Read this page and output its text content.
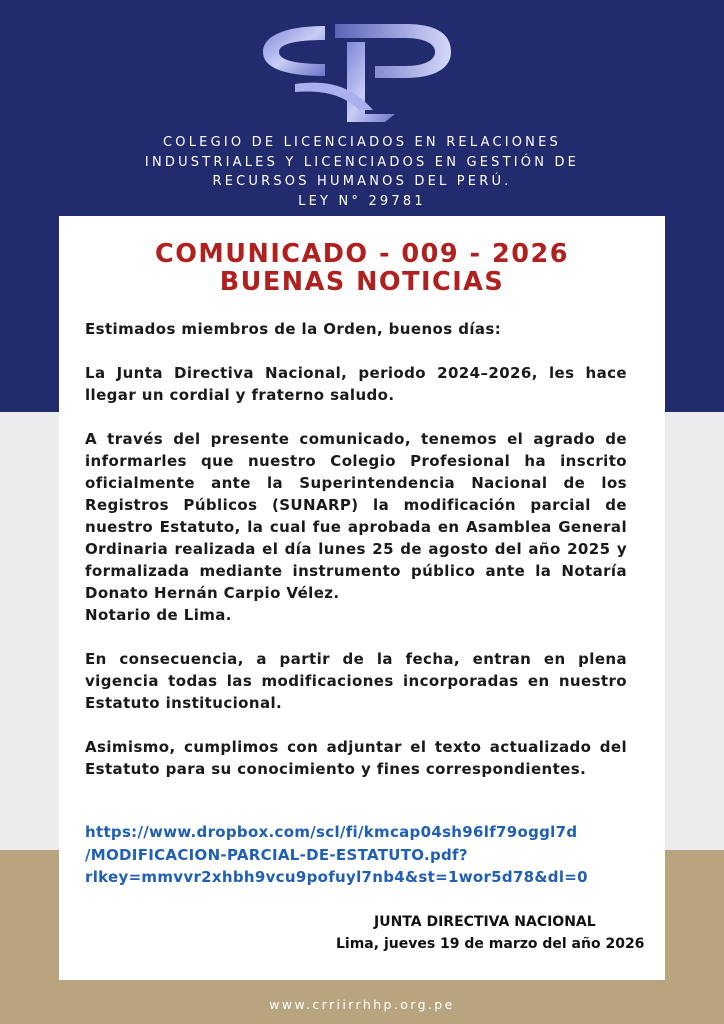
COLEGIO DE LICENCIADOS EN RELACIONES
INDUSTRIALES Y LICENCIADOS EN GESTIÓN DE
RECURSOS HUMANOS DEL PERÚ.
LEY N° 29781
COMUNICADO - 009 - 2026
BUENAS NOTICIAS

Estimados miembros de la Orden, buenos días:

La Junta Directiva Nacional, periodo 2024–2026, les hace llegar un cordial y fraterno saludo.

A través del presente comunicado, tenemos el agrado de informarles que nuestro Colegio Profesional ha inscrito oficialmente ante la Superintendencia Nacional de los Registros Públicos (SUNARP) la modificación parcial de nuestro Estatuto, la cual fue aprobada en Asamblea General Ordinaria realizada el día lunes 25 de agosto del año 2025 y formalizada mediante instrumento público ante la Notaría Donato Hernán Carpio Vélez.

Notario de Lima.

En consecuencia, a partir de la fecha, entran en plena vigencia todas las modificaciones incorporadas en nuestro Estatuto institucional.

Asimismo, cumplimos con adjuntar el texto actualizado del Estatuto para su conocimiento y fines correspondientes.

https://www.dropbox.com/scl/fi/kmcap04sh96lf79oggl7d
/MODIFICACION-PARCIAL-DE-ESTATUTO.pdf?
rlkey=mmvvr2xhbh9vcu9pofuyl7nb4&st=1wor5d78&dl=0
JUNTA DIRECTIVA NACIONAL
Lima, jueves 19 de marzo del año 2026
www.crriirrhhp.org.pe
